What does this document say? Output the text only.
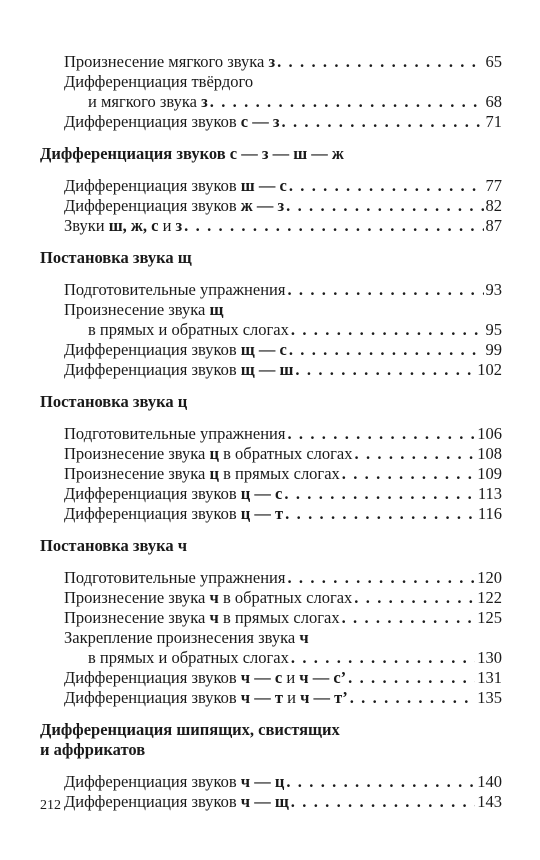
Произнесение мягкого звука з . . .	65
Дифференциация твёрдого
и мягкого звука з . . .	68
Дифференциация звуков с — з . . .	71
Дифференциация звуков с — з — ш — ж
Дифференциация звуков ш — с . . .	77
Дифференциация звуков ж — з . . .	82
Звуки ш, ж, с и з . . .	87
Постановка звука щ
Подготовительные упражнения . . .	93
Произнесение звука щ
в прямых и обратных слогах . . .	95
Дифференциация звуков щ — с . . .	99
Дифференциация звуков щ — ш . . .	102
Постановка звука ц
Подготовительные упражнения . . .	106
Произнесение звука ц в обратных слогах . . .	108
Произнесение звука ц в прямых слогах . . .	109
Дифференциация звуков ц — с . . .	113
Дифференциация звуков ц — т . . .	116
Постановка звука ч
Подготовительные упражнения . . .	120
Произнесение звука ч в обратных слогах . . .	122
Произнесение звука ч в прямых слогах . . .	125
Закрепление произнесения звука ч
в прямых и обратных слогах . . .	130
Дифференциация звуков ч — с и ч — с’ . . .	131
Дифференциация звуков ч — т и ч — т’ . . .	135
Дифференциация шипящих, свистящих
и аффрикатов
Дифференциация звуков ч — ц . . .	140
Дифференциация звуков ч — щ . . .	143
212
